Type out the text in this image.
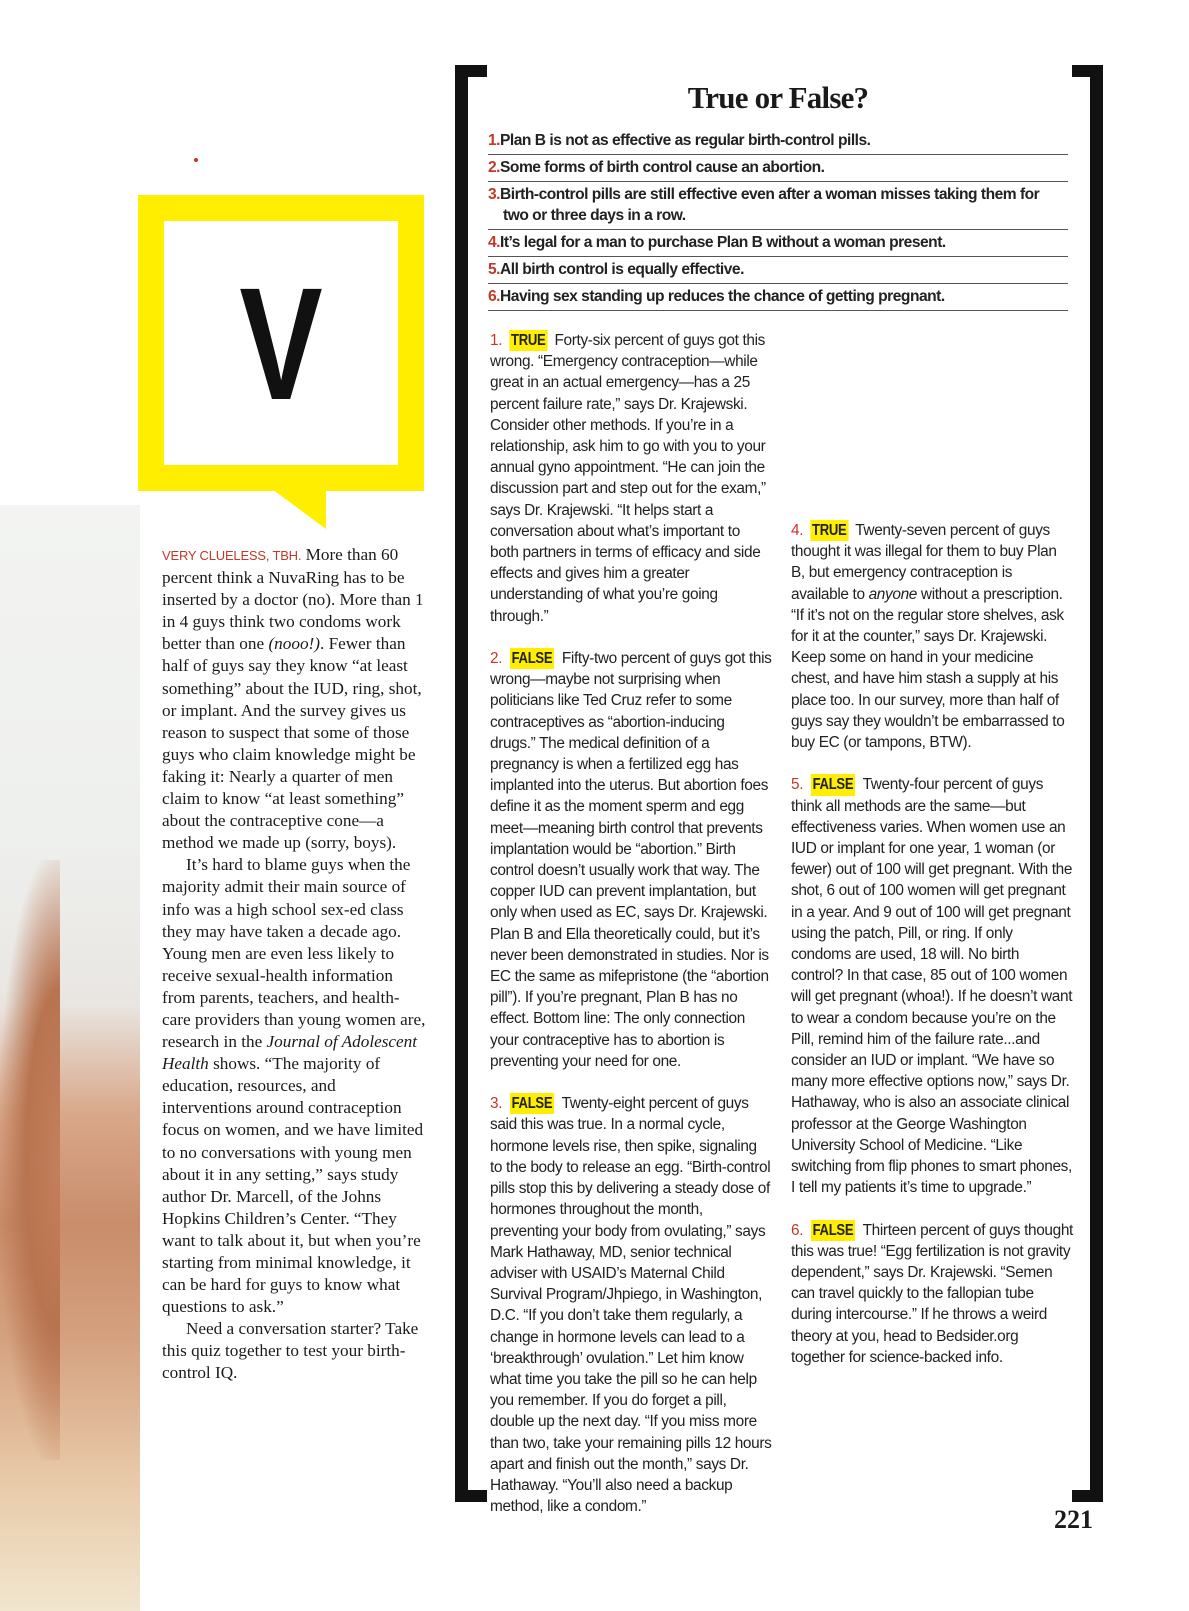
V

VERY CLUELESS, TBH. More than 60 percent think a NuvaRing has to be inserted by a doctor (no). More than 1 in 4 guys think two condoms work better than one (nooo!). Fewer than half of guys say they know “at least something” about the IUD, ring, shot, or implant. And the survey gives us reason to suspect that some of those guys who claim knowledge might be faking it: Nearly a quarter of men claim to know “at least something” about the contraceptive cone—a method we made up (sorry, boys).

It’s hard to blame guys when the majority admit their main source of info was a high school sex-ed class they may have taken a decade ago. Young men are even less likely to receive sexual-health information from parents, teachers, and health-care providers than young women are, research in the Journal of Adolescent Health shows. “The majority of education, resources, and interventions around contraception focus on women, and we have limited to no conversations with young men about it in any setting,” says study author Dr. Marcell, of the Johns Hopkins Children’s Center. “They want to talk about it, but when you’re starting from minimal knowledge, it can be hard for guys to know what questions to ask.”

Need a conversation starter? Take this quiz together to test your birth-control IQ.

True or False?
1.Plan B is not as effective as regular birth-control pills.
2.Some forms of birth control cause an abortion.
3.Birth-control pills are still effective even after a woman misses taking them for two or three days in a row.
4.It’s legal for a man to purchase Plan B without a woman present.
5.All birth control is equally effective.
6.Having sex standing up reduces the chance of getting pregnant.

1. TRUE Forty-six percent of guys got this wrong. “Emergency contraception—while great in an actual emergency—has a 25 percent failure rate,” says Dr. Krajewski. Consider other methods. If you’re in a relationship, ask him to go with you to your annual gyno appointment. “He can join the discussion part and step out for the exam,” says Dr. Krajewski. “It helps start a conversation about what’s important to both partners in terms of efficacy and side effects and gives him a greater understanding of what you’re going through.”

2. FALSE Fifty-two percent of guys got this wrong—maybe not surprising when politicians like Ted Cruz refer to some contraceptives as “abortion-inducing drugs.” The medical definition of a pregnancy is when a fertilized egg has implanted into the uterus. But abortion foes define it as the moment sperm and egg meet—meaning birth control that prevents implantation would be “abortion.” Birth control doesn’t usually work that way. The copper IUD can prevent implantation, but only when used as EC, says Dr. Krajewski. Plan B and Ella theoretically could, but it’s never been demonstrated in studies. Nor is EC the same as mifepristone (the “abortion pill”). If you’re pregnant, Plan B has no effect. Bottom line: The only connection your contraceptive has to abortion is preventing your need for one.

3. FALSE Twenty-eight percent of guys said this was true. In a normal cycle, hormone levels rise, then spike, signaling to the body to release an egg. “Birth-control pills stop this by delivering a steady dose of hormones throughout the month, preventing your body from ovulating,” says Mark Hathaway, MD, senior technical adviser with USAID’s Maternal Child Survival Program/Jhpiego, in Washington, D.C. “If you don’t take them regularly, a change in hormone levels can lead to a ‘breakthrough’ ovulation.” Let him know what time you take the pill so he can help you remember. If you do forget a pill, double up the next day. “If you miss more than two, take your remaining pills 12 hours apart and finish out the month,” says Dr. Hathaway. “You’ll also need a backup method, like a condom.”

4. TRUE Twenty-seven percent of guys thought it was illegal for them to buy Plan B, but emergency contraception is available to anyone without a prescription. “If it’s not on the regular store shelves, ask for it at the counter,” says Dr. Krajewski. Keep some on hand in your medicine chest, and have him stash a supply at his place too. In our survey, more than half of guys say they wouldn’t be embarrassed to buy EC (or tampons, BTW).

5. FALSE Twenty-four percent of guys think all methods are the same—but effectiveness varies. When women use an IUD or implant for one year, 1 woman (or fewer) out of 100 will get pregnant. With the shot, 6 out of 100 women will get pregnant in a year. And 9 out of 100 will get pregnant using the patch, Pill, or ring. If only condoms are used, 18 will. No birth control? In that case, 85 out of 100 women will get pregnant (whoa!). If he doesn’t want to wear a condom because you’re on the Pill, remind him of the failure rate...and consider an IUD or implant. “We have so many more effective options now,” says Dr. Hathaway, who is also an associate clinical professor at the George Washington University School of Medicine. “Like switching from flip phones to smart phones, I tell my patients it’s time to upgrade.”

6. FALSE Thirteen percent of guys thought this was true! “Egg fertilization is not gravity dependent,” says Dr. Krajewski. “Semen can travel quickly to the fallopian tube during intercourse.” If he throws a weird theory at you, head to Bedsider.org together for science-backed info.

221
